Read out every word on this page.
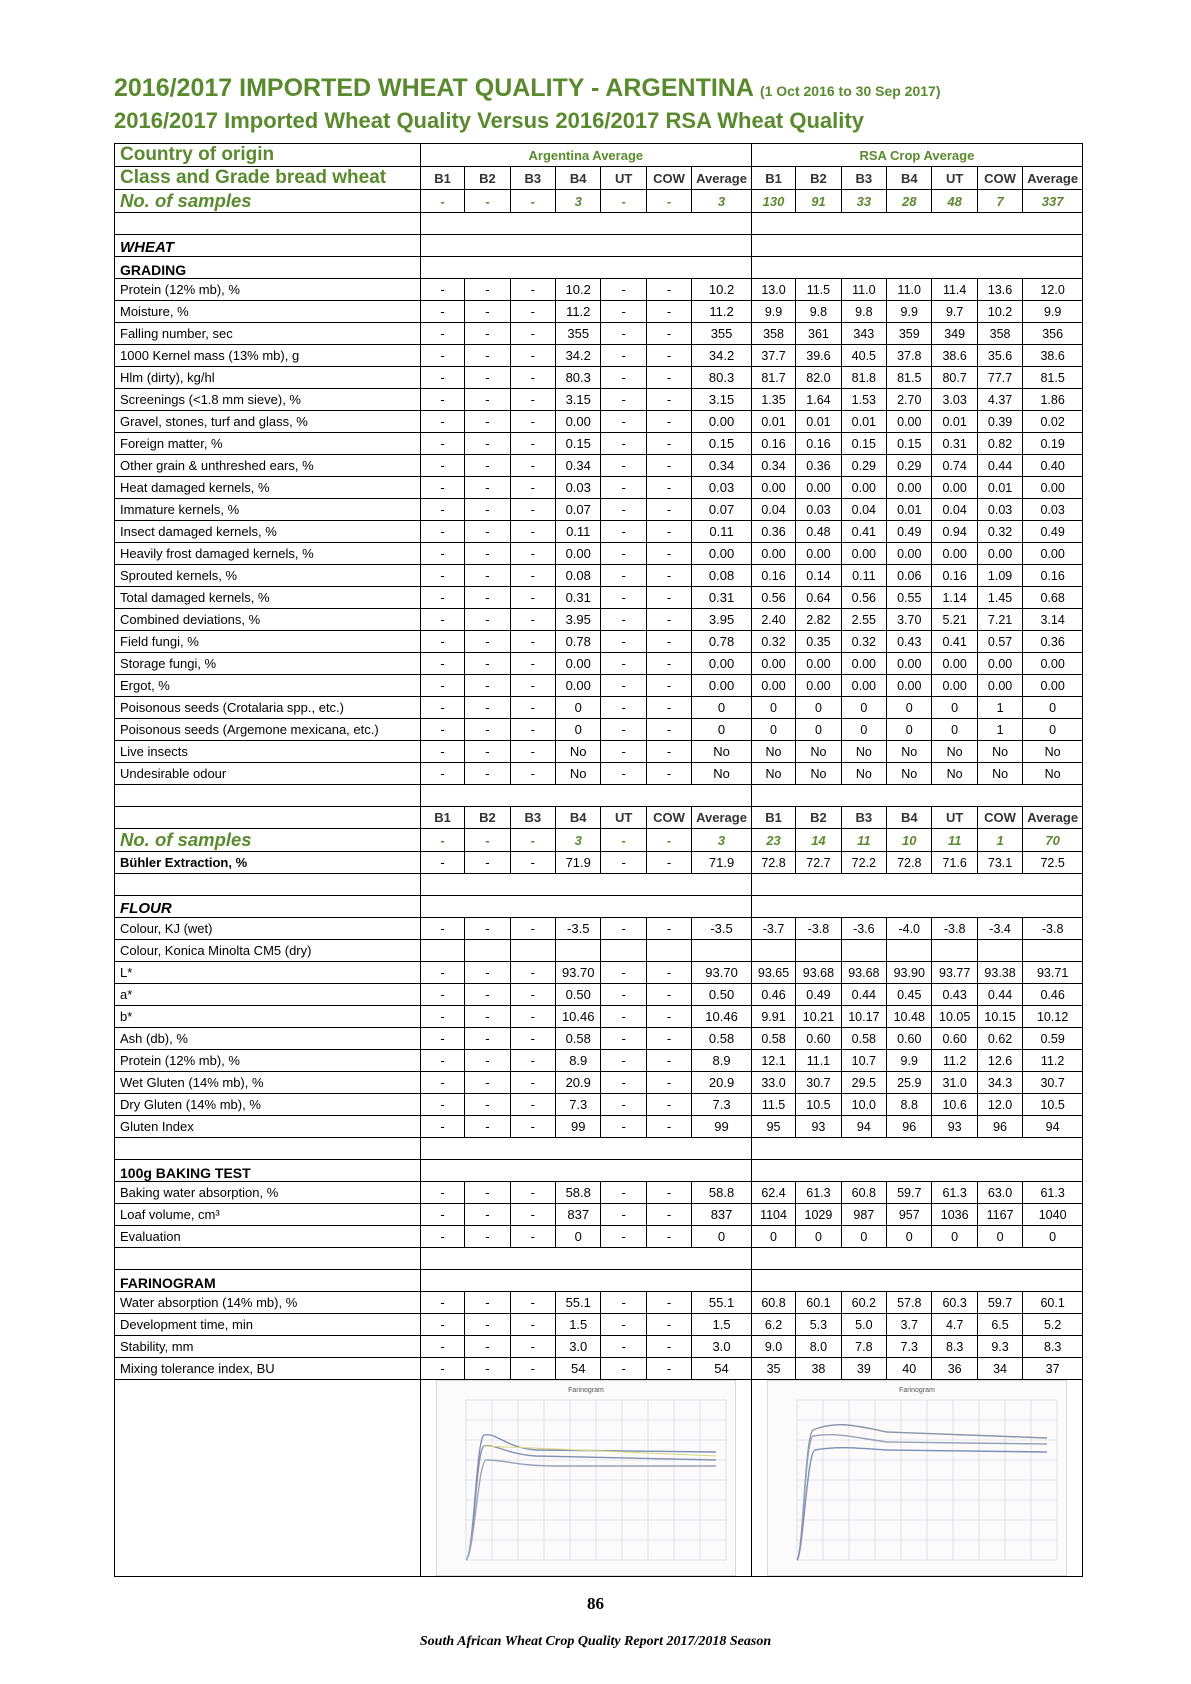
2016/2017 IMPORTED WHEAT QUALITY - ARGENTINA (1 Oct 2016 to 30 Sep 2017)
2016/2017 Imported Wheat Quality Versus 2016/2017 RSA Wheat Quality
Country of origin	Argentina Average							RSA Crop Average						
Class and Grade bread wheat	B1	B2	B3	B4	UT	COW	Average	B1	B2	B3	B4	UT	COW	Average
No. of samples	-	-	-	3	-	-	3	130	91	33	28	48	7	337

WHEAT														
GRADING														
Protein (12% mb), %	-	-	-	10.2	-	-	10.2	13.0	11.5	11.0	11.0	11.4	13.6	12.0
Moisture, %	-	-	-	11.2	-	-	11.2	9.9	9.8	9.8	9.9	9.7	10.2	9.9
Falling number, sec	-	-	-	355	-	-	355	358	361	343	359	349	358	356
1000 Kernel mass (13% mb), g	-	-	-	34.2	-	-	34.2	37.7	39.6	40.5	37.8	38.6	35.6	38.6
Hlm (dirty), kg/hl	-	-	-	80.3	-	-	80.3	81.7	82.0	81.8	81.5	80.7	77.7	81.5
Screenings (<1.8 mm sieve), %	-	-	-	3.15	-	-	3.15	1.35	1.64	1.53	2.70	3.03	4.37	1.86
Gravel, stones, turf and glass, %	-	-	-	0.00	-	-	0.00	0.01	0.01	0.01	0.00	0.01	0.39	0.02
Foreign matter, %	-	-	-	0.15	-	-	0.15	0.16	0.16	0.15	0.15	0.31	0.82	0.19
Other grain & unthreshed ears, %	-	-	-	0.34	-	-	0.34	0.34	0.36	0.29	0.29	0.74	0.44	0.40
Heat damaged kernels, %	-	-	-	0.03	-	-	0.03	0.00	0.00	0.00	0.00	0.00	0.01	0.00
Immature kernels, %	-	-	-	0.07	-	-	0.07	0.04	0.03	0.04	0.01	0.04	0.03	0.03
Insect damaged kernels, %	-	-	-	0.11	-	-	0.11	0.36	0.48	0.41	0.49	0.94	0.32	0.49
Heavily frost damaged kernels, %	-	-	-	0.00	-	-	0.00	0.00	0.00	0.00	0.00	0.00	0.00	0.00
Sprouted kernels, %	-	-	-	0.08	-	-	0.08	0.16	0.14	0.11	0.06	0.16	1.09	0.16
Total damaged kernels, %	-	-	-	0.31	-	-	0.31	0.56	0.64	0.56	0.55	1.14	1.45	0.68
Combined deviations, %	-	-	-	3.95	-	-	3.95	2.40	2.82	2.55	3.70	5.21	7.21	3.14
Field fungi, %	-	-	-	0.78	-	-	0.78	0.32	0.35	0.32	0.43	0.41	0.57	0.36
Storage fungi, %	-	-	-	0.00	-	-	0.00	0.00	0.00	0.00	0.00	0.00	0.00	0.00
Ergot, %	-	-	-	0.00	-	-	0.00	0.00	0.00	0.00	0.00	0.00	0.00	0.00
Poisonous seeds (Crotalaria spp., etc.)	-	-	-	0	-	-	0	0	0	0	0	0	1	0
Poisonous seeds (Argemone mexicana, etc.)	-	-	-	0	-	-	0	0	0	0	0	0	1	0
Live insects	-	-	-	No	-	-	No	No	No	No	No	No	No	No
Undesirable odour	-	-	-	No	-	-	No	No	No	No	No	No	No	No

	B1	B2	B3	B4	UT	COW	Average	B1	B2	B3	B4	UT	COW	Average
No. of samples	-	-	-	3	-	-	3	23	14	11	10	11	1	70
Bühler Extraction, %	-	-	-	71.9	-	-	71.9	72.8	72.7	72.2	72.8	71.6	73.1	72.5

FLOUR														
Colour, KJ (wet)	-	-	-	-3.5	-	-	-3.5	-3.7	-3.8	-3.6	-4.0	-3.8	-3.4	-3.8
Colour, Konica Minolta CM5 (dry)														
L*	-	-	-	93.70	-	-	93.70	93.65	93.68	93.68	93.90	93.77	93.38	93.71
a*	-	-	-	0.50	-	-	0.50	0.46	0.49	0.44	0.45	0.43	0.44	0.46
b*	-	-	-	10.46	-	-	10.46	9.91	10.21	10.17	10.48	10.05	10.15	10.12
Ash (db), %	-	-	-	0.58	-	-	0.58	0.58	0.60	0.58	0.60	0.60	0.62	0.59
Protein (12% mb), %	-	-	-	8.9	-	-	8.9	12.1	11.1	10.7	9.9	11.2	12.6	11.2
Wet Gluten (14% mb), %	-	-	-	20.9	-	-	20.9	33.0	30.7	29.5	25.9	31.0	34.3	30.7
Dry Gluten (14% mb), %	-	-	-	7.3	-	-	7.3	11.5	10.5	10.0	8.8	10.6	12.0	10.5
Gluten Index	-	-	-	99	-	-	99	95	93	94	96	93	96	94

100g BAKING TEST														
Baking water absorption, %	-	-	-	58.8	-	-	58.8	62.4	61.3	60.8	59.7	61.3	63.0	61.3
Loaf volume, cm³	-	-	-	837	-	-	837	1104	1029	987	957	1036	1167	1040
Evaluation	-	-	-	0	-	-	0	0	0	0	0	0	0	0

FARINOGRAM														
Water absorption (14% mb), %	-	-	-	55.1	-	-	55.1	60.8	60.1	60.2	57.8	60.3	59.7	60.1
Development time, min	-	-	-	1.5	-	-	1.5	6.2	5.3	5.0	3.7	4.7	6.5	5.2
Stability, mm	-	-	-	3.0	-	-	3.0	9.0	8.0	7.8	7.3	8.3	9.3	8.3
Mixing tolerance index, BU	-	-	-	54	-	-	54	35	38	39	40	36	34	37

Farinogram							Farinogram						
86
South African Wheat Crop Quality Report 2017/2018 Season
